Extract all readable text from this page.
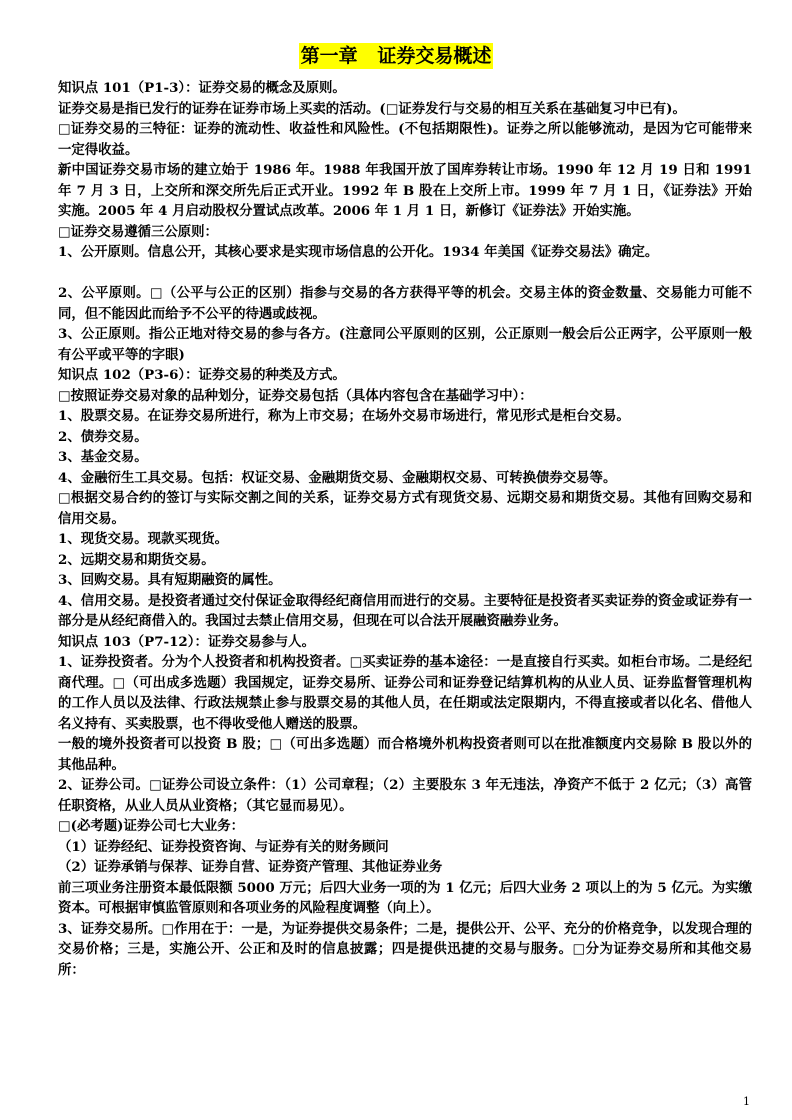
第一章   证券交易概述

知识点 101（P1-3）：证券交易的概念及原则。

证券交易是指已发行的证券在证券市场上买卖的活动。(□证券发行与交易的相互关系在基础复习中已有)。

□证券交易的三特征：证券的流动性、收益性和风险性。(不包括期限性)。证券之所以能够流动，是因为它可能带来一定得收益。

新中国证券交易市场的建立始于 1986 年。1988 年我国开放了国库券转让市场。1990 年 12 月 19 日和 1991 年 7 月 3 日，上交所和深交所先后正式开业。1992 年 B 股在上交所上市。1999 年 7 月 1 日，《证券法》开始实施。2005 年 4 月启动股权分置试点改革。2006 年 1 月 1 日，新修订《证券法》开始实施。

□证券交易遵循三公原则：

1、公开原则。信息公开，其核心要求是实现市场信息的公开化。1934 年美国《证券交易法》确定。

2、公平原则。□（公平与公正的区别）指参与交易的各方获得平等的机会。交易主体的资金数量、交易能力可能不同，但不能因此而给予不公平的待遇或歧视。

3、公正原则。指公正地对待交易的参与各方。(注意同公平原则的区别，公正原则一般会后公正两字，公平原则一般有公平或平等的字眼)

知识点 102（P3-6）：证券交易的种类及方式。

□按照证券交易对象的品种划分，证券交易包括（具体内容包含在基础学习中）：

1、股票交易。在证券交易所进行，称为上市交易；在场外交易市场进行，常见形式是柜台交易。

2、债券交易。

3、基金交易。

4、金融衍生工具交易。包括：权证交易、金融期货交易、金融期权交易、可转换债券交易等。

□根据交易合约的签订与实际交割之间的关系，证券交易方式有现货交易、远期交易和期货交易。其他有回购交易和信用交易。

1、现货交易。现款买现货。

2、远期交易和期货交易。

3、回购交易。具有短期融资的属性。

4、信用交易。是投资者通过交付保证金取得经纪商信用而进行的交易。主要特征是投资者买卖证券的资金或证券有一部分是从经纪商借入的。我国过去禁止信用交易，但现在可以合法开展融资融券业务。

知识点 103（P7-12）：证券交易参与人。

1、证券投资者。分为个人投资者和机构投资者。□买卖证券的基本途径：一是直接自行买卖。如柜台市场。二是经纪商代理。□（可出成多选题）我国规定，证券交易所、证券公司和证券登记结算机构的从业人员、证券监督管理机构的工作人员以及法律、行政法规禁止参与股票交易的其他人员，在任期或法定限期内，不得直接或者以化名、借他人名义持有、买卖股票，也不得收受他人赠送的股票。

一般的境外投资者可以投资 B 股；□（可出多选题）而合格境外机构投资者则可以在批准额度内交易除 B 股以外的其他品种。

2、证券公司。□证券公司设立条件：（1）公司章程；（2）主要股东 3 年无违法，净资产不低于 2 亿元；（3）高管任职资格，从业人员从业资格；（其它显而易见）。

□(必考题)证券公司七大业务：

（1）证券经纪、证券投资咨询、与证券有关的财务顾问

（2）证券承销与保荐、证券自营、证券资产管理、其他证券业务

前三项业务注册资本最低限额 5000 万元；后四大业务一项的为 1 亿元；后四大业务 2 项以上的为 5 亿元。为实缴资本。可根据审慎监管原则和各项业务的风险程度调整（向上）。

3、证券交易所。□作用在于：一是，为证券提供交易条件；二是，提供公开、公平、充分的价格竞争，以发现合理的交易价格；三是，实施公开、公正和及时的信息披露；四是提供迅捷的交易与服务。□分为证券交易所和其他交易所：

1
